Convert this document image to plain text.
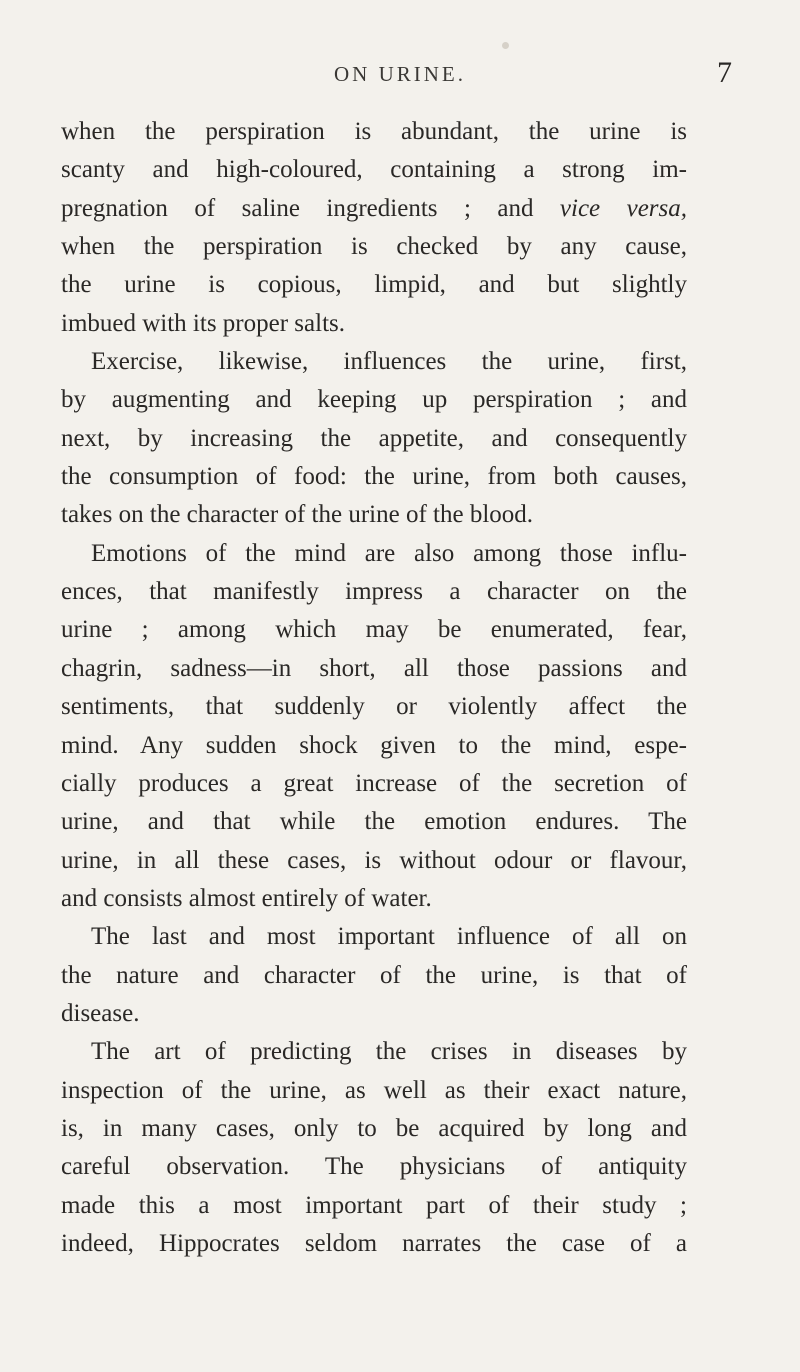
ON URINE.	7
when the perspiration is abundant, the urine is
scanty and high-coloured, containing a strong im-
pregnation of saline ingredients ; and vice versa,
when the perspiration is checked by any cause,
the urine is copious, limpid, and but slightly
imbued with its proper salts.
Exercise, likewise, influences the urine, first,
by augmenting and keeping up perspiration ; and
next, by increasing the appetite, and consequently
the consumption of food: the urine, from both causes,
takes on the character of the urine of the blood.
Emotions of the mind are also among those influ-
ences, that manifestly impress a character on the
urine ; among which may be enumerated, fear,
chagrin, sadness—in short, all those passions and
sentiments, that suddenly or violently affect the
mind. Any sudden shock given to the mind, espe-
cially produces a great increase of the secretion of
urine, and that while the emotion endures. The
urine, in all these cases, is without odour or flavour,
and consists almost entirely of water.
The last and most important influence of all on
the nature and character of the urine, is that of
disease.
The art of predicting the crises in diseases by
inspection of the urine, as well as their exact nature,
is, in many cases, only to be acquired by long and
careful observation. The physicians of antiquity
made this a most important part of their study ;
indeed, Hippocrates seldom narrates the case of a
